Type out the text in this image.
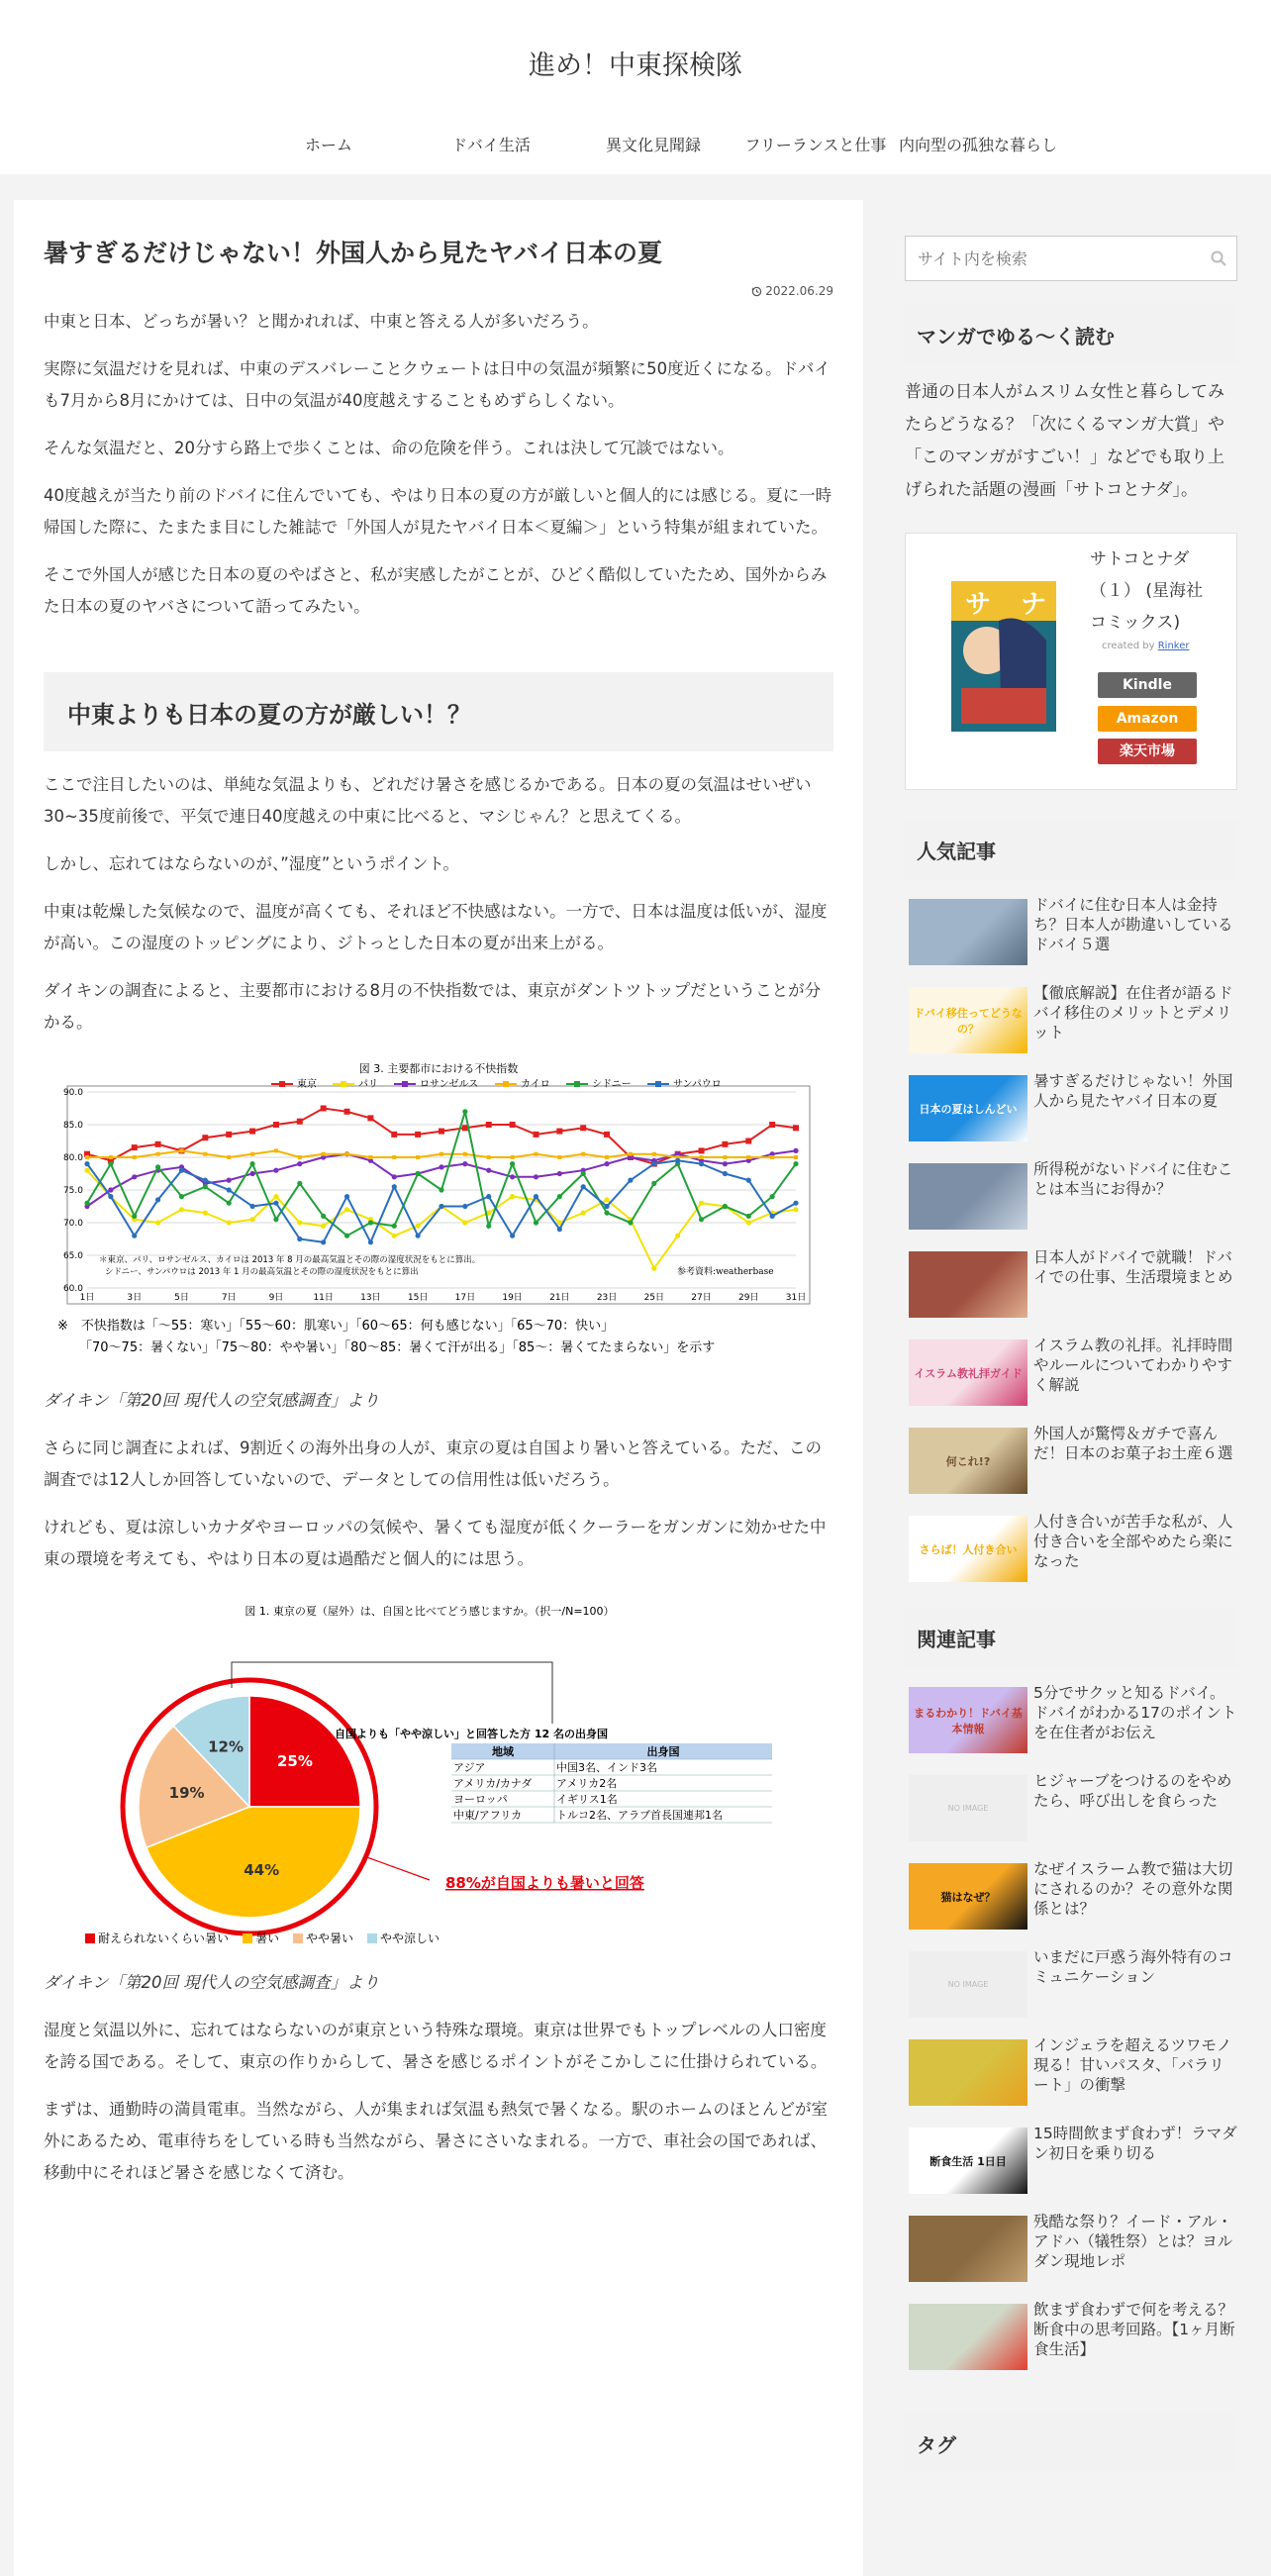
進め！中東探検隊
ホーム	ドバイ生活	異文化見聞録	フリーランスと仕事 内向型の孤独な暮らし
暑すぎるだけじゃない！外国人から見たヤバイ日本の夏
2022.06.29

中東と日本、どっちが暑い？と聞かれれば、中東と答える人が多いだろう。

実際に気温だけを見れば、中東のデスバレーことクウェートは日中の気温が頻繁に50度近くになる。ドバイも7月から8月にかけては、日中の気温が40度越えすることもめずらしくない。

そんな気温だと、20分すら路上で歩くことは、命の危険を伴う。これは決して冗談ではない。

40度越えが当たり前のドバイに住んでいても、やはり日本の夏の方が厳しいと個人的には感じる。夏に一時帰国した際に、たまたま目にした雑誌で「外国人が見たヤバイ日本＜夏編＞」という特集が組まれていた。

そこで外国人が感じた日本の夏のやばさと、私が実感したがことが、ひどく酷似していたため、国外からみた日本の夏のヤバさについて語ってみたい。

中東よりも日本の夏の方が厳しい！？

ここで注目したいのは、単純な気温よりも、どれだけ暑さを感じるかである。日本の夏の気温はせいぜい30~35度前後で、平気で連日40度越えの中東に比べると、マシじゃん？と思えてくる。

しかし、忘れてはならないのが、”湿度”というポイント。

中東は乾燥した気候なので、温度が高くても、それほど不快感はない。一方で、日本は温度は低いが、湿度が高い。この湿度のトッピングにより、ジトっとした日本の夏が出来上がる。

ダイキンの調査によると、主要都市における8月の不快指数では、東京がダントツトップだということが分かる。

図 3. 主要都市における不快指数
90.0
85.0
80.0
75.0
70.0
65.0
60.0
1日	3日	5日	7日	9日	11日	13日	15日	17日	19日	21日	23日	25日	27日	29日	31日
東京	パリ	ロサンゼルス	カイロ	シドニー	サンパウロ
＊東京、パリ、ロサンゼルス、カイロは 2013 年 8 月の最高気温とその際の湿度状況をもとに算出。
シドニー、サンパウロは 2013 年 1 月の最高気温とその際の湿度状況をもとに算出	参考資料:weatherbase
※　不快指数は「～55：寒い」「55～60：肌寒い」「60～65：何も感じない」「65～70：快い」
「70～75：暑くない」「75～80：やや暑い」「80～85：暑くて汗が出る」「85～：暑くてたまらない」を示す

ダイキン「第20回 現代人の空気感調査」より

さらに同じ調査によれば、9割近くの海外出身の人が、東京の夏は自国より暑いと答えている。ただ、この調査では12人しか回答していないので、データとしての信用性は低いだろう。

けれども、夏は涼しいカナダやヨーロッパの気候や、暑くても湿度が低くクーラーをガンガンに効かせた中東の環境を考えても、やはり日本の夏は過酷だと個人的には思う。

図 1. 東京の夏（屋外）は、自国と比べてどう感じますか。（択一/N=100）
25%
44%
19%
12%
88%が自国よりも暑いと回答
自国よりも「やや涼しい」と回答した方 12 名の出身国
地域	出身国
アジア	中国3名、インド3名
アメリカ/カナダ アメリカ2名
ヨーロッパ	イギリス1名
中東/アフリカ	トルコ2名、アラブ首長国連邦1名
耐えられないくらい暑い 暑い やや暑い やや涼しい

ダイキン「第20回 現代人の空気感調査」より

湿度と気温以外に、忘れてはならないのが東京という特殊な環境。東京は世界でもトップレベルの人口密度を誇る国である。そして、東京の作りからして、暑さを感じるポイントがそこかしこに仕掛けられている。

まずは、通勤時の満員電車。当然ながら、人が集まれば気温も熱気で暑くなる。駅のホームのほとんどが室外にあるため、電車待ちをしている時も当然ながら、暑さにさいなまれる。一方で、車社会の国であれば、移動中にそれほど暑さを感じなくて済む。

サイト内を検索
マンガでゆる〜く読む
普通の日本人がムスリム女性と暮らしてみたらどうなる？「次にくるマンガ大賞」や「このマンガがすごい！」などでも取り上げられた話題の漫画「サトコとナダ」。
サ ナ
サトコとナダ（１） (星海社コミックス)
created by Rinker
Kindle
Amazon
楽天市場
人気記事
ドバイに住む日本人は金持ち？日本人が勘違いしているドバイ５選
ドバイ移住ってどうなの？
【徹底解説】在住者が語るドバイ移住のメリットとデメリット
日本の夏はしんどい
暑すぎるだけじゃない！外国人から見たヤバイ日本の夏
所得税がないドバイに住むことは本当にお得か？
日本人がドバイで就職！ドバイでの仕事、生活環境まとめ
イスラム教礼拝ガイド
イスラム教の礼拝。礼拝時間やルールについてわかりやすく解説
何これ!?
外国人が驚愕＆ガチで喜んだ！日本のお菓子お土産６選
さらば！人付き合い
人付き合いが苦手な私が、人付き合いを全部やめたら楽になった
関連記事
まるわかり！ドバイ基本情報
5分でサクッと知るドバイ。ドバイがわかる17のポイントを在住者がお伝え
NO IMAGE
ヒジャーブをつけるのをやめたら、呼び出しを食らった
猫はなぜ？
なぜイスラーム教で猫は大切にされるのか？その意外な関係とは？
NO IMAGE
いまだに戸惑う海外特有のコミュニケーション
インジェラを超えるツワモノ現る！甘いパスタ、「バラリート」の衝撃
断食生活 1日目
15時間飲まず食わず！ラマダン初日を乗り切る
残酷な祭り？イード・アル・アドハ（犠牲祭）とは？ヨルダン現地レポ
飲まず食わずで何を考える？断食中の思考回路。【1ヶ月断食生活】
タグ
